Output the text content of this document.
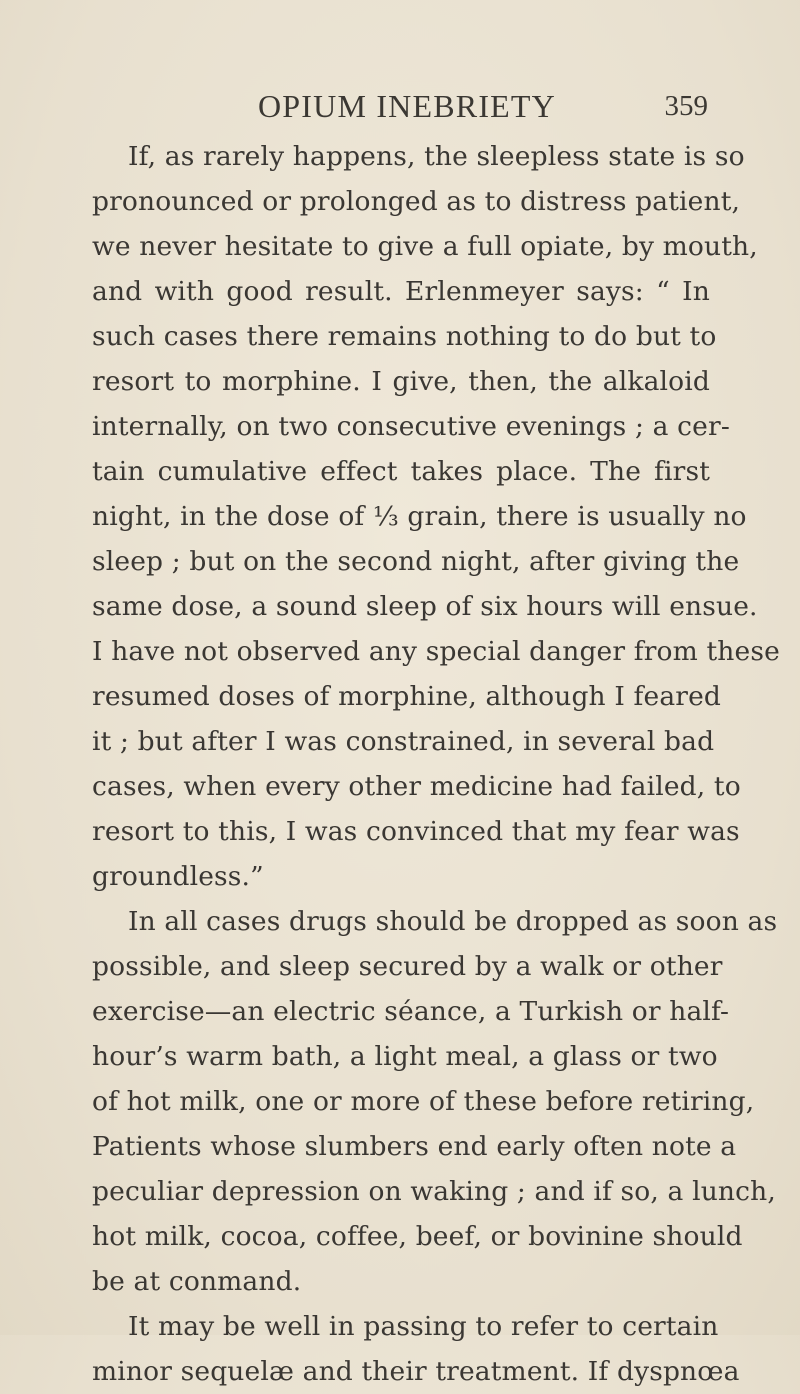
OPIUM INEBRIETY	359
If, as rarely happens, the sleepless state is so
pronounced or prolonged as to distress patient,
we never hesitate to give a full opiate, by mouth,
and with good result. Erlenmeyer says: “ In
such cases there remains nothing to do but to
resort to morphine. I give, then, the alkaloid
internally, on two consecutive evenings ; a cer-
tain cumulative effect takes place. The first
night, in the dose of ⅓ grain, there is usually no
sleep ; but on the second night, after giving the
same dose, a sound sleep of six hours will ensue.
I have not observed any special danger from these
resumed doses of morphine, although I feared
it ; but after I was constrained, in several bad
cases, when every other medicine had failed, to
resort to this, I was convinced that my fear was
groundless.”
In all cases drugs should be dropped as soon as
possible, and sleep secured by a walk or other
exercise—an electric séance, a Turkish or half-
hour’s warm bath, a light meal, a glass or two
of hot milk, one or more of these before retiring,
Patients whose slumbers end early often note a
peculiar depression on waking ; and if so, a lunch,
hot milk, cocoa, coffee, beef, or bovinine should
be at conmand.
It may be well in passing to refer to certain
minor sequelæ and their treatment. If dyspnœa
